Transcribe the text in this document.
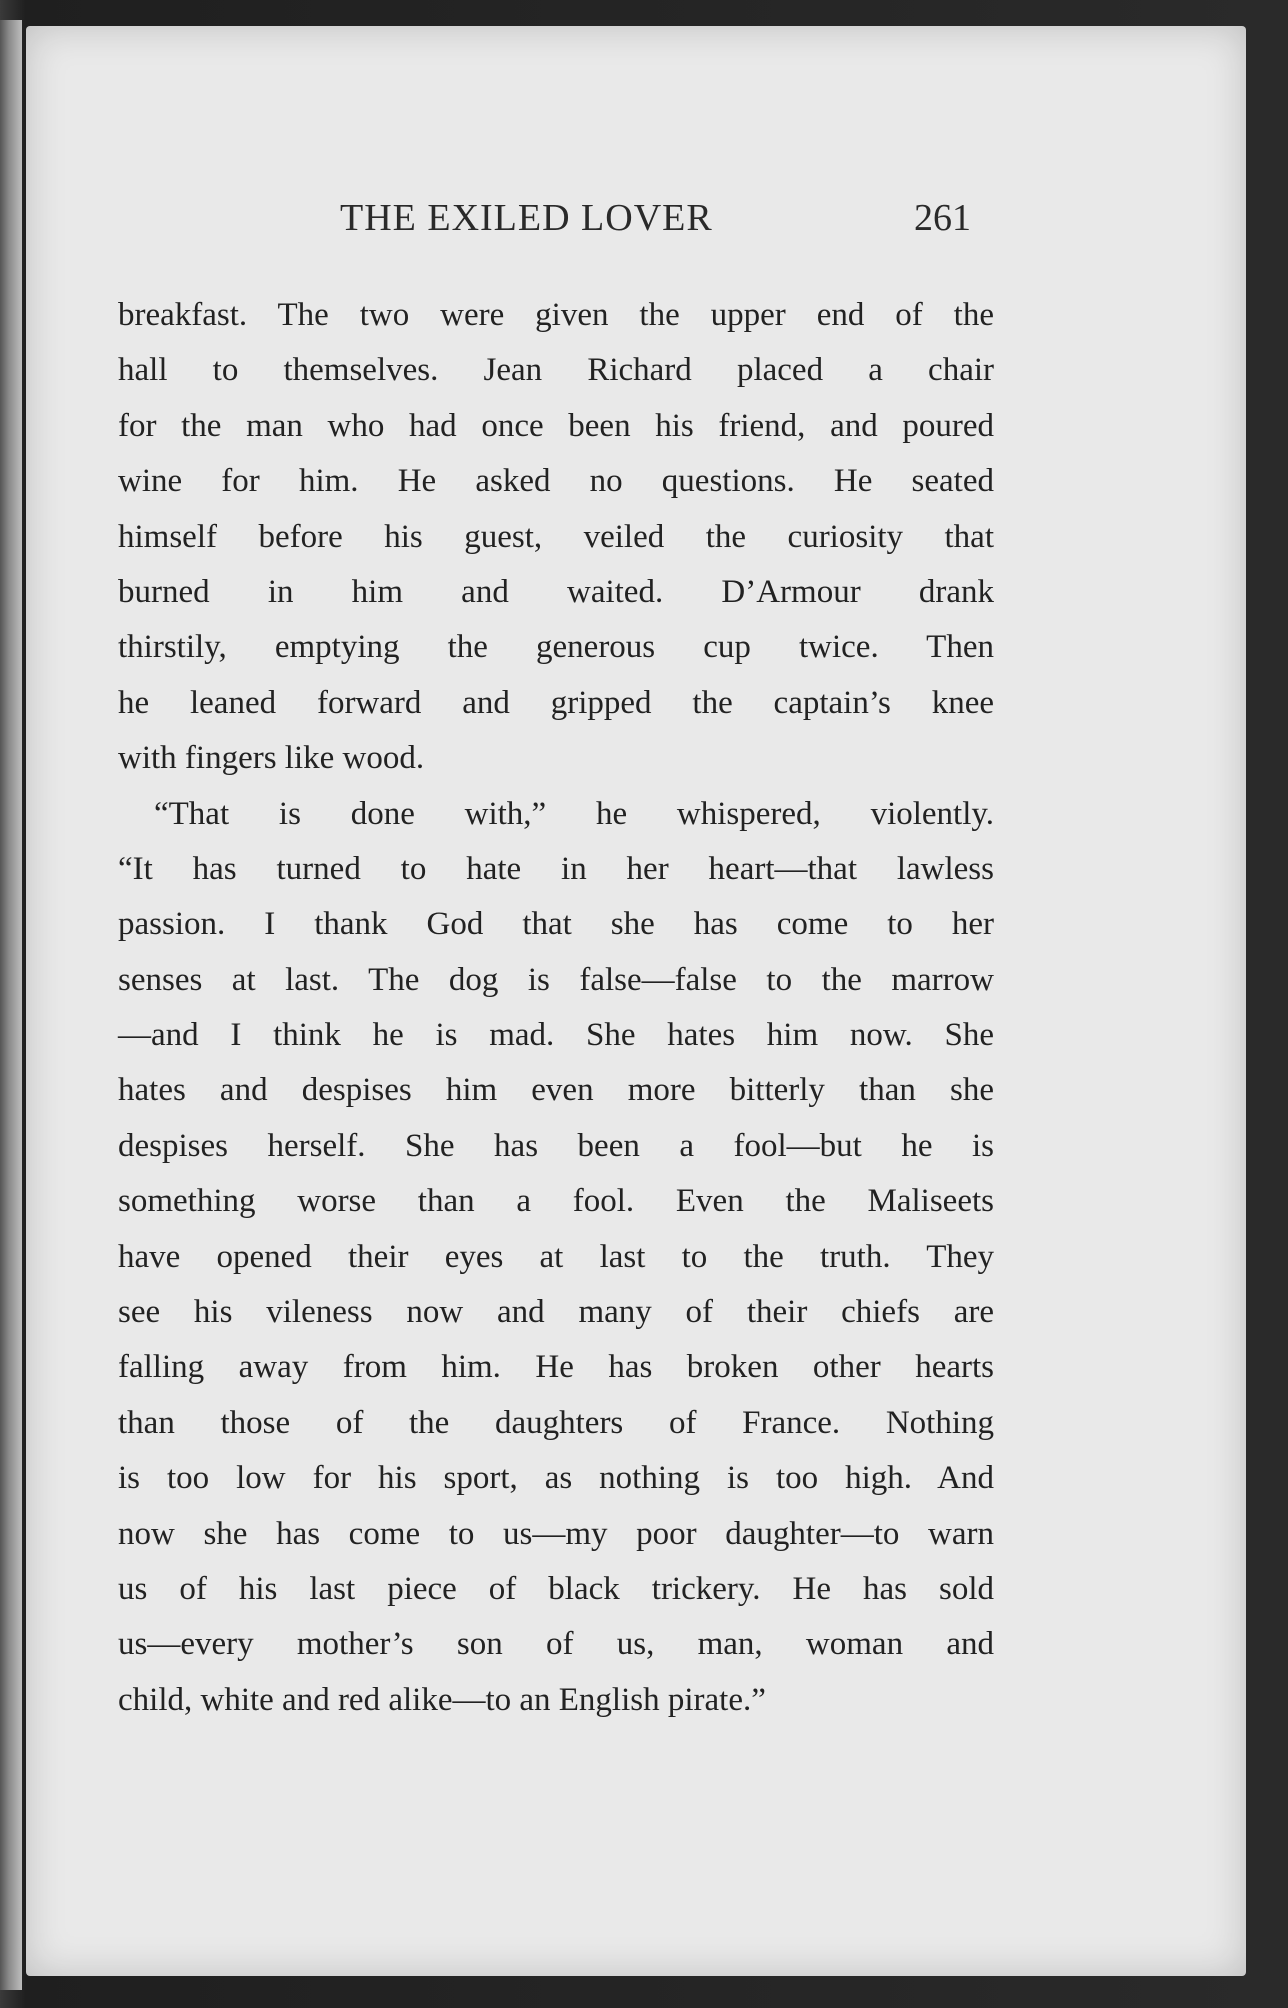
THE EXILED LOVER	261
breakfast. The two were given the upper end of the
hall to themselves. Jean Richard placed a chair
for the man who had once been his friend, and poured
wine for him. He asked no questions. He seated
himself before his guest, veiled the curiosity that
burned in him and waited. D’Armour drank
thirstily, emptying the generous cup twice. Then
he leaned forward and gripped the captain’s knee
with fingers like wood.
“That is done with,” he whispered, violently.
“It has turned to hate in her heart—that lawless
passion. I thank God that she has come to her
senses at last. The dog is false—false to the marrow
—and I think he is mad. She hates him now. She
hates and despises him even more bitterly than she
despises herself. She has been a fool—but he is
something worse than a fool. Even the Maliseets
have opened their eyes at last to the truth. They
see his vileness now and many of their chiefs are
falling away from him. He has broken other hearts
than those of the daughters of France. Nothing
is too low for his sport, as nothing is too high. And
now she has come to us—my poor daughter—to warn
us of his last piece of black trickery. He has sold
us—every mother’s son of us, man, woman and
child, white and red alike—to an English pirate.”
